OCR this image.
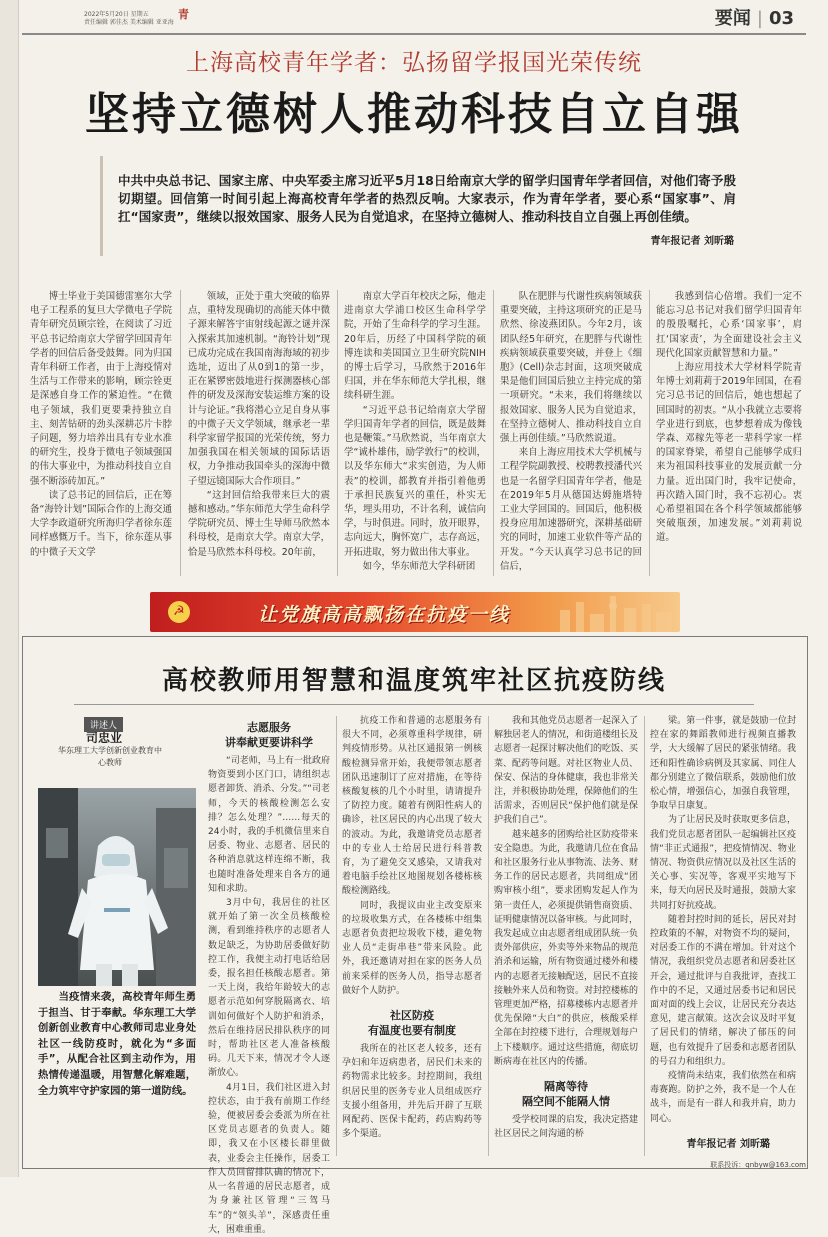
2022年5月20日 星期五
责任编辑 郭佳杰 美术编辑 亚亚海
青	要闻 | 03
上海高校青年学者：弘扬留学报国光荣传统
坚持立德树人推动科技自立自强
中共中央总书记、国家主席、中央军委主席习近平5月18日给南京大学的留学归国青年学者回信，对他们寄予殷切期望。回信第一时间引起上海高校青年学者的热烈反响。大家表示，作为青年学者，要心系“国家事”、肩扛“国家责”，继续以报效国家、服务人民为自觉追求，在坚持立德树人、推动科技自立自强上再创佳绩。
青年报记者 刘昕璐

博士毕业于美国德雷塞尔大学电子工程系的复旦大学微电子学院青年研究员顾宗铨，在阅读了习近平总书记给南京大学留学回国青年学者的回信后备受鼓舞。同为归国青年科研工作者，由于上海疫情对生活与工作带来的影响，顾宗铨更是深感自身工作的紧迫性。“在微电子领域，我们更要秉持独立自主、刻苦钻研的劲头深耕芯片卡脖子问题，努力培养出具有专业水准的研究生，投身于微电子领域强国的伟大事业中，为推动科技自立自强不断添砖加瓦。”

读了总书记的回信后，正在筹备“海铃计划”国际合作的上海交通大学李政道研究所海归学者徐东莲同样感慨万千。当下，徐东莲从事的中微子天文学

领域，正处于重大突破的临界点，重特发现确切的高能天体中微子源来解答宇宙射线起源之谜并深入探索其加速机制。“海铃计划”现已成功完成在我国南海海域的初步选址，迈出了从0到1的第一步，正在紧锣密鼓地进行探测器核心部件的研发及深海安装运维方案的设计与论证。”我将潜心立足自身从事的中微子天文学领域，继承老一辈科学家留学报国的光荣传统，努力加强我国在相关领域的国际话语权，力争推动我国牵头的深海中微子望远镜国际大合作项目。”

“这封回信给我带来巨大的震撼和感动。”华东师范大学生命科学学院研究员、博士生导师马欣然本科母校，是南京大学。南京大学，恰是马欣然本科母校。20年前，

南京大学百年校庆之际，他走进南京大学浦口校区生命科学学院，开始了生命科学的学习生涯。20年后，历经了中国科学院的硕博连读和美国国立卫生研究院NIH的博士后学习，马欣然于2016年归国，并在华东师范大学扎根，继续科研生涯。

“习近平总书记给南京大学留学归国青年学者的回信，既是鼓舞也是鞭策。”马欣然说，当年南京大学“诚朴雄伟，励学敦行”的校训，以及华东师大“求实创造，为人师表”的校训，都教育并指引着他勇于承担民族复兴的重任，朴实无华，埋头用功，不计名利，诚信向学，与时俱进。同时，放开眼界，志向远大，胸怀宽广，志存高远，开拓进取，努力做出伟大事业。

如今，华东师范大学科研团

队在肥胖与代谢性疾病领域获重要突破，主持这项研究的正是马欣然、徐凌燕团队。今年2月，该团队经5年研究，在肥胖与代谢性疾病领域获重要突破，并登上《细胞》(Cell)杂志封面，这项突破成果是他们回国后独立主持完成的第一项研究。“未来，我们将继续以报效国家、服务人民为自觉追求，在坚持立德树人、推动科技自立自强上再创佳绩。”马欣然说道。

来自上海应用技术大学机械与工程学院副教授、校聘教授潘代兴也是一名留学归国青年学者，他是在2019年5月从德国达姆施塔特工业大学回国的。回国后，他积极投身应用加速器研究，深耕基础研究的同时，加速工业软件等产品的开发。“今天认真学习总书记的回信后，

我感到信心倍增。我们一定不能忘习总书记对我们留学归国青年的殷殷嘱托，心系‘国家事’，肩扛‘国家责’，为全面建设社会主义现代化国家贡献智慧和力量。”

上海应用技术大学材料学院青年博士刘莉莉于2019年回国，在看完习总书记的回信后，她也想起了回国时的初衷。“从小我就立志要将学业进行到底，也梦想着成为像钱学森、邓稼先等老一辈科学家一样的国家脊梁，希望自己能够学成归来为祖国科技事业的发展贡献一分力量。近出国门时，我牢记使命，再次踏入国门时，我不忘初心。衷心希望祖国在各个科学领域都能够突破瓶颈，加速发展。”刘莉莉说道。

☭	让党旗高高飘扬在抗疫一线
高校教师用智慧和温度筑牢社区抗疫防线
讲述人
司忠业
华东理工大学创新创业教育中心教师

当疫情来袭，高校青年师生勇于担当、甘于奉献。华东理工大学创新创业教育中心教师司忠业身处社区一线防疫时，就化为“多面手”，从配合社区到主动作为，用热情传递温暖，用智慧化解难题，全力筑牢守护家园的第一道防线。

志愿服务
讲奉献更要讲科学

“司老师，马上有一批政府物资要到小区门口，请组织志愿者卸货、消杀、分发。”“司老师，今天的核酸检测怎么安排？怎么处理？”……每天的24小时，我的手机微信里来自居委、物业、志愿者、居民的各种消息就这样连绵不断，我也随时准备处理来自各方的通知和求助。

3月中旬，我居住的社区就开始了第一次全员核酸检测，看到维持秩序的志愿者人数足缺乏，为协助居委做好防控工作，我便主动打电话给居委，报名担任核酸志愿者。第一天上岗，我给年龄较大的志愿者示范如何穿脱隔离衣、培训如何做好个人防护和消杀，然后在维持居民排队秩序的同时，帮助社区老人准备核酸码。几天下来，情况才令人逐渐放心。

4月1日，我们社区进入封控状态，由于我有前期工作经验，便被居委会委派为所在社区党员志愿者的负责人。随即，我又在小区楼长群里做表，业委会主任操作，居委工作人员回留排队确的情况下，从一名普通的居民志愿者，成为身兼社区管理“三驾马车”的“领头羊”，深感责任重大，困难重重。

抗疫工作和普通的志愿服务有很大不同，必须尊重科学规律，研判疫情形势。从社区通报第一例核酸检测异常开始，我便带领志愿者团队迅速制订了应对措施，在等待核酸复核的几个小时里，请请提升了防控力度。随着有例阳性病人的确诊，社区居民的内心出现了较大的波动。为此，我邀请党员志愿者中的专业人士给居民进行科普教育，为了避免交叉感染，又请我对着电脑手绘社区地图规划各楼栋核酸检测路线。

同时，我提议由业主改变原来的垃圾收集方式，在各楼栋中组集志愿者负责把垃圾收下楼，避免物业人员“走街串巷”带来风险。此外，我还邀请对担在家的医务人员前来采样的医务人员，指导志愿者做好个人防护。

社区防疫
有温度也要有制度

我所在的社区老人较多，还有孕妇和年迈病患者，居民们未来的药物需求比较多。封控期间，我组织居民里的医务专业人员组成医疗支援小组备用，并先后开辟了互联网配药、医保卡配药，药店购药等多个渠道。

我和其他党员志愿者一起深入了解独居老人的情况，和街道楼组长及志愿者一起探讨解决他们的吃饭、买菜、配药等问题。对社区物业人员、保安、保洁的身体健康，我也非常关注，并积极协助处理，保障他们的生活需求，否则居民“保护他们就是保护我们自己”。

越来越多的团购给社区防疫带来安全隐患。为此，我邀请几位在食品和社区服务行业从事物流、法务、财务工作的居民志愿者，共同组成“团购审核小组”，要求团购发起人作为第一责任人，必须提供销售商资质、证明健康情况以备审核。与此同时，我发起成立由志愿者组成团队统一负责外部供应，外卖等外来物品的规范消杀和运输，所有物资通过楼外和楼内的志愿者无接触配送，居民不直接接触外来人员和物资。对封控楼栋的管理更加严格，招募楼栋内志愿者并优先保障“大白”的供应，核酸采样全部在封控楼下进行，合理规划每户上下楼顺序。通过这些措施，彻底切断病毒在社区内的传播。

隔离等待
隔空间不能隔人情

受学校同课的启发，我决定搭建社区居民之间沟通的桥

梁。第一件事，就是鼓励一位封控在家的舞蹈教师进行视频直播教学，大大缓解了居民的紧张情绪。我还和阳性确诊病例及其家属、同住人都分别建立了微信联系，鼓励他们放松心情，增强信心，加强自我管理，争取早日康复。

为了让居民及时获取更多信息，我们党员志愿者团队一起编辑社区疫情“非正式通报”，把疫情情况、物业情况、物资供应情况以及社区生活的关心事、实况等，客观平实地写下来，每天向居民及时通报，鼓励大家共同打好抗疫战。

随着封控时间的延长，居民对封控政策的不解，对物资不均的疑问，对居委工作的不满在增加。针对这个情况，我组织党员志愿者和居委社区开会，通过批评与自我批评，查找工作中的不足，又通过居委书记和居民面对面的线上会议，让居民充分表达意见，建言献策。这次会议及时平复了居民们的情绪，解决了郁压的问题，也有效提升了居委和志愿者团队的号召力和组织力。

疫情尚未结束，我们依然在和病毒赛跑。防护之外，我不是一个人在战斗，而是有一群人和我并肩，助力同心。

青年报记者 刘昕璐
联系投诉：qnbyw@163.com
